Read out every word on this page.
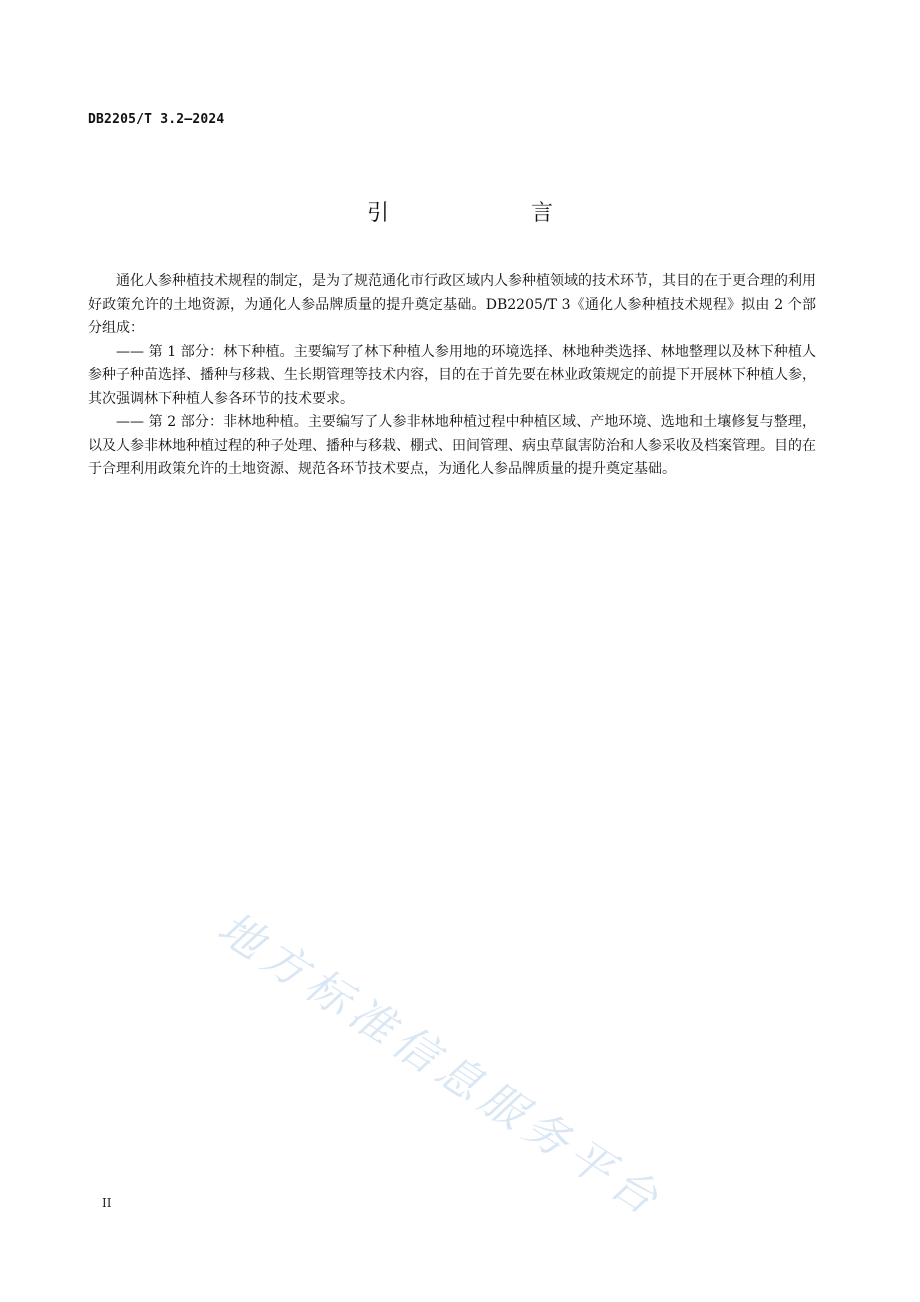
DB2205/T 3.2—2024
引　言

通化人参种植技术规程的制定，是为了规范通化市行政区域内人参种植领域的技术环节，其目的在于更合理的利用好政策允许的土地资源，为通化人参品牌质量的提升奠定基础。DB2205/T 3《通化人参种植技术规程》拟由 2 个部分组成：

—— 第 1 部分：林下种植。主要编写了林下种植人参用地的环境选择、林地种类选择、林地整理以及林下种植人参种子种苗选择、播种与移栽、生长期管理等技术内容，目的在于首先要在林业政策规定的前提下开展林下种植人参，其次强调林下种植人参各环节的技术要求。

—— 第 2 部分：非林地种植。主要编写了人参非林地种植过程中种植区域、产地环境、选地和土壤修复与整理，以及人参非林地种植过程的种子处理、播种与移栽、棚式、田间管理、病虫草鼠害防治和人参采收及档案管理。目的在于合理利用政策允许的土地资源、规范各环节技术要点，为通化人参品牌质量的提升奠定基础。

地方标准信息服务平台
II
